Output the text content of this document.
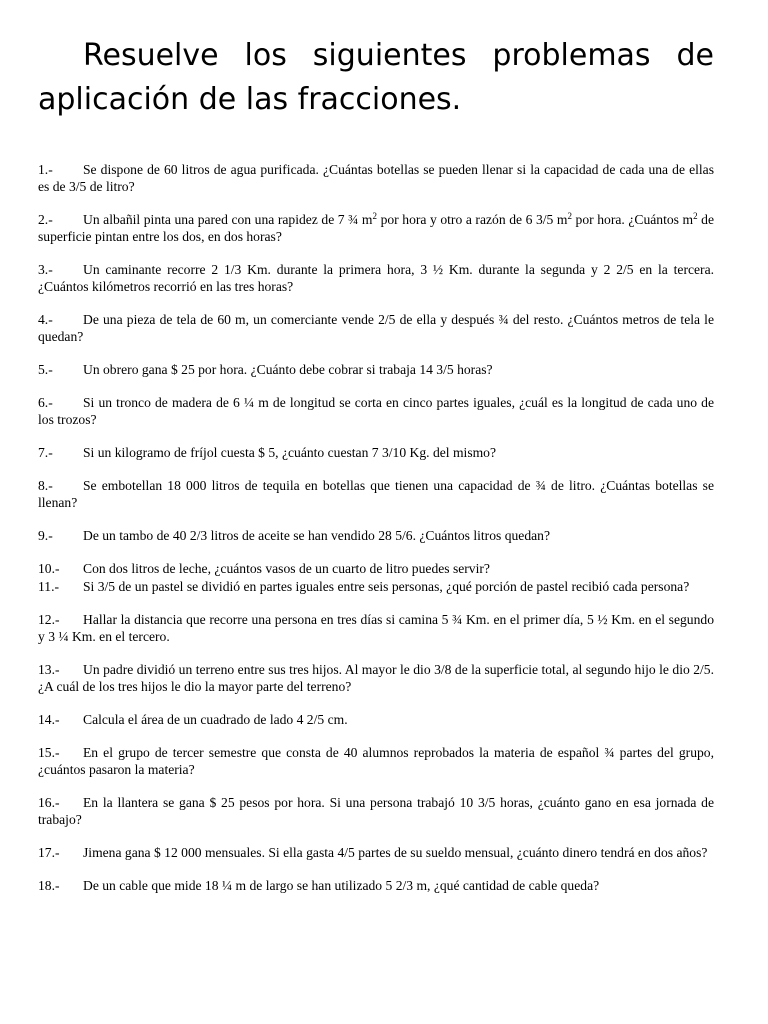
Resuelve los siguientes problemas de aplicación de las fracciones.

1.- Se dispone de 60 litros de agua purificada. ¿Cuántas botellas se pueden llenar si la capacidad de cada una de ellas es de 3/5 de litro?

2.- Un albañil pinta una pared con una rapidez de 7 ¾ $m^2$ por hora y otro a razón de 6 3/5 $m^2$ por hora. ¿Cuántos $m^2$ de superficie pintan entre los dos, en dos horas?

3.- Un caminante recorre 2 1/3 Km. durante la primera hora, 3 ½ Km. durante la segunda y 2 2/5 en la tercera. ¿Cuántos kilómetros recorrió en las tres horas?

4.- De una pieza de tela de 60 m, un comerciante vende 2/5 de ella y después ¾ del resto. ¿Cuántos metros de tela le quedan?

5.- Un obrero gana $ 25 por hora. ¿Cuánto debe cobrar si trabaja 14 3/5 horas?

6.- Si un tronco de madera de 6 ¼ m de longitud se corta en cinco partes iguales, ¿cuál es la longitud de cada uno de los trozos?

7.- Si un kilogramo de fríjol cuesta $ 5, ¿cuánto cuestan 7 3/10 Kg. del mismo?

8.- Se embotellan 18 000 litros de tequila en botellas que tienen una capacidad de ¾ de litro. ¿Cuántas botellas se llenan?

9.- De un tambo de 40 2/3 litros de aceite se han vendido 28 5/6. ¿Cuántos litros quedan?

10.- Con dos litros de leche, ¿cuántos vasos de un cuarto de litro puedes servir?

11.- Si 3/5 de un pastel se dividió en partes iguales entre seis personas, ¿qué porción de pastel recibió cada persona?

12.- Hallar la distancia que recorre una persona en tres días si camina 5 ¾ Km. en el primer día, 5 ½ Km. en el segundo y 3 ¼ Km. en el tercero.

13.- Un padre dividió un terreno entre sus tres hijos. Al mayor le dio 3/8 de la superficie total, al segundo hijo le dio 2/5. ¿A cuál de los tres hijos le dio la mayor parte del terreno?

14.- Calcula el área de un cuadrado de lado 4 2/5 cm.

15.- En el grupo de tercer semestre que consta de 40 alumnos reprobados la materia de español ¾ partes del grupo, ¿cuántos pasaron la materia?

16.- En la llantera se gana $ 25 pesos por hora. Si una persona trabajó 10 3/5 horas, ¿cuánto gano en esa jornada de trabajo?

17.- Jimena gana $ 12 000 mensuales. Si ella gasta 4/5 partes de su sueldo mensual, ¿cuánto dinero tendrá en dos años?

18.- De un cable que mide 18 ¼ m de largo se han utilizado 5 2/3 m, ¿qué cantidad de cable queda?
